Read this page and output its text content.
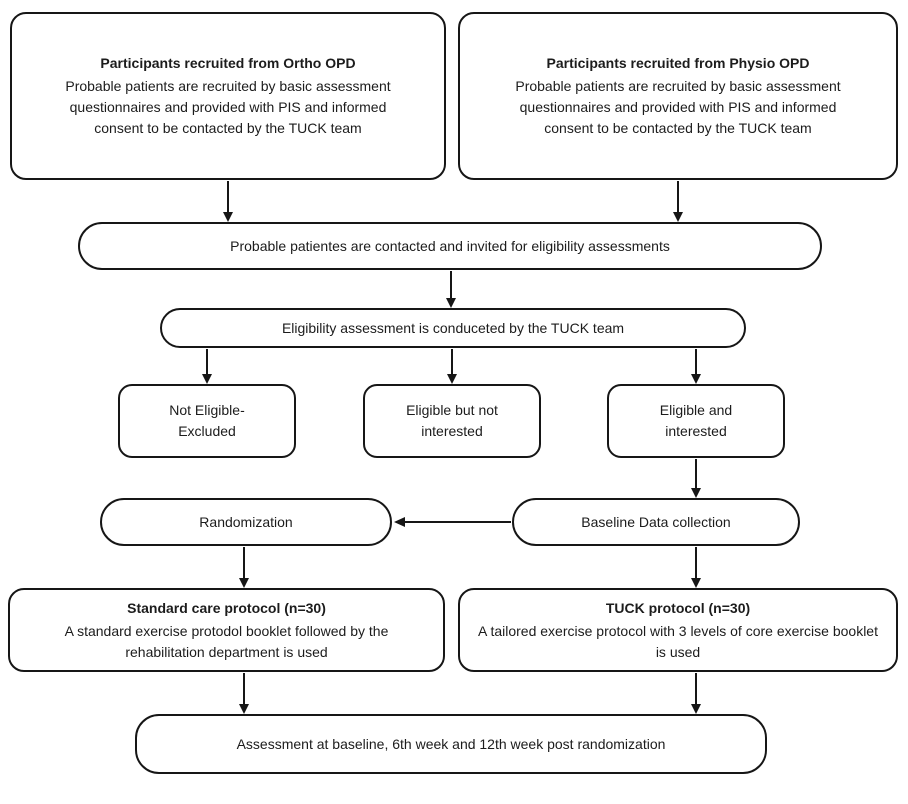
Participants recruited from Ortho OPD
Probable patients are recruited by basic assessment questionnaires and provided with PIS and informed consent to be contacted by the TUCK team
Participants recruited from Physio OPD
Probable patients are recruited by basic assessment questionnaires and provided with PIS and informed consent to be contacted by the TUCK team
Probable patientes are contacted and invited for eligibility assessments
Eligibility assessment is conduceted by the TUCK team
Not Eligible- Excluded
Eligible but not interested
Eligible and interested
Randomization	Baseline Data collection
Standard care protocol (n=30)
A standard exercise protodol booklet followed by the rehabilitation department is used
TUCK protocol (n=30)
A tailored exercise protocol with 3 levels of core exercise booklet is used
Assessment at baseline, 6th week and 12th week post randomization
